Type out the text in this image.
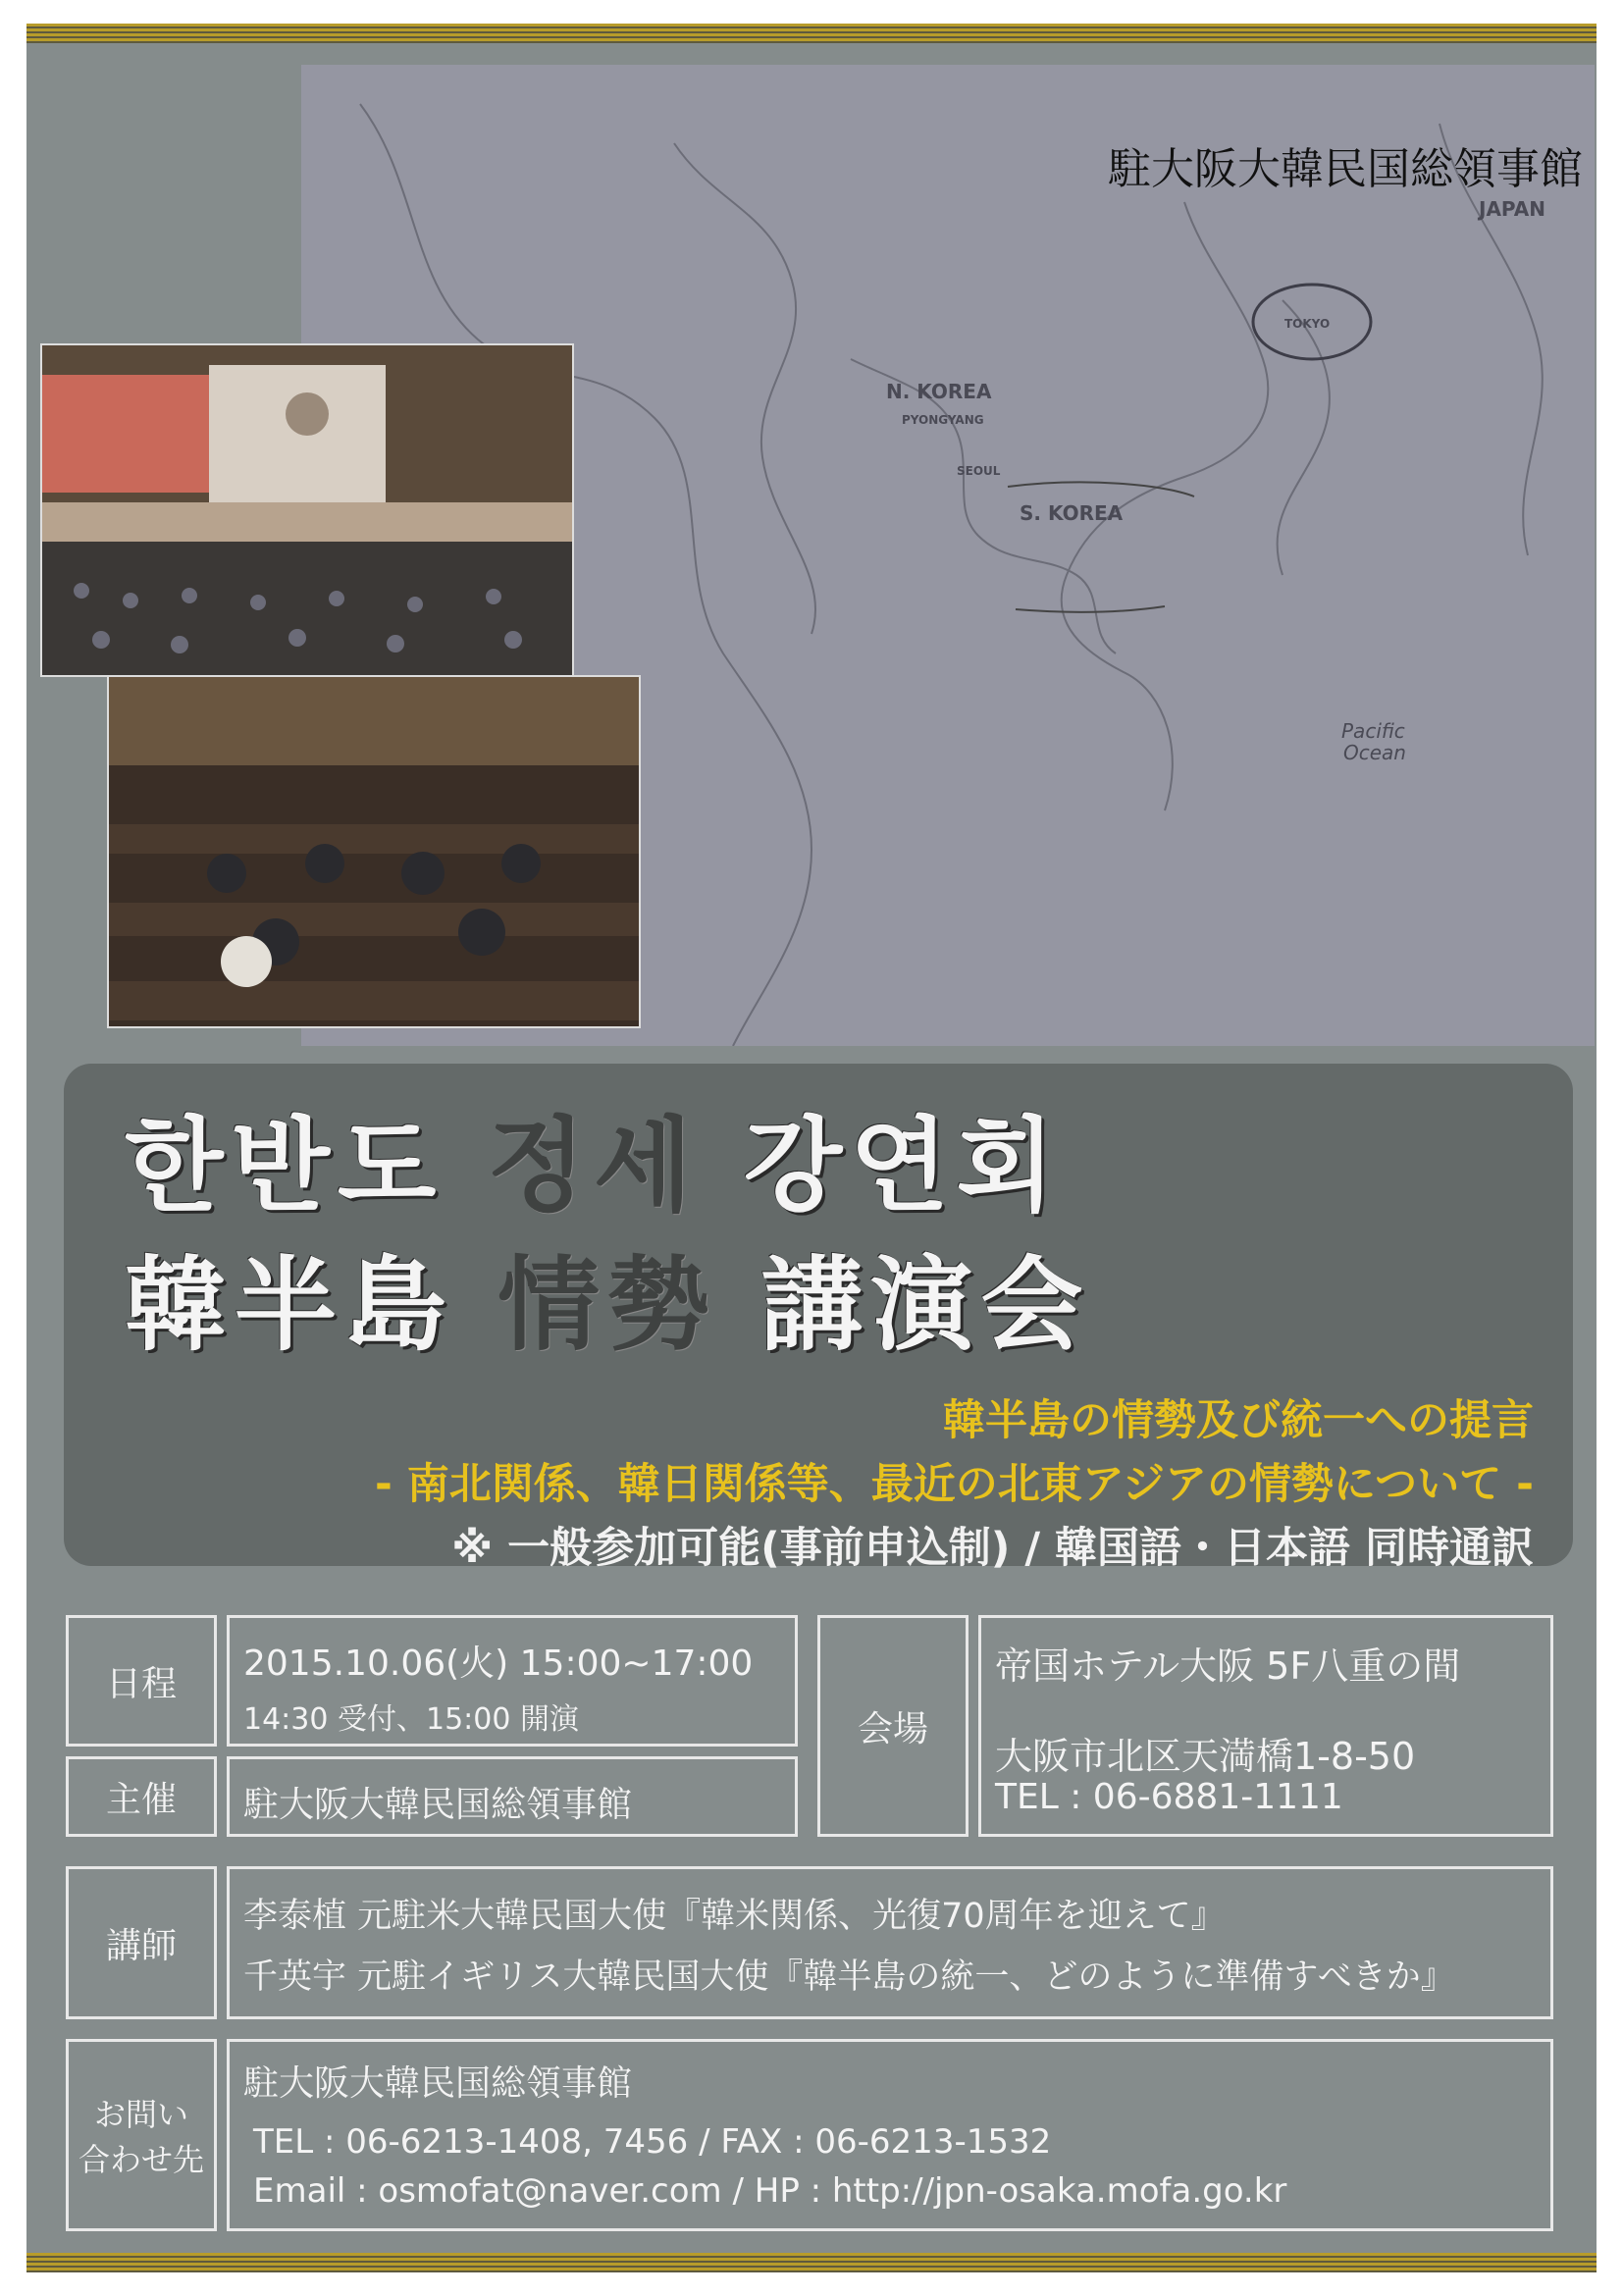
JAPAN
TOKYO
N. KOREA
PYONGYANG
SEOUL
S. KOREA
Pacific
Ocean
駐大阪大韓民国総領事館
한반도 정세 강연회
韓半島 情勢 講演会
韓半島の情勢及び統一への提言
- 南北関係、韓日関係等、最近の北東アジアの情勢について -
※ 一般参加可能(事前申込制) / 韓国語・日本語 同時通訳
日程 2015.10.06(火) 15:00~17:00
14:30 受付、15:00 開演
主催 駐大阪大韓民国総領事館
会場
帝国ホテル大阪 5F八重の間
大阪市北区天満橋1-8-50
TEL : 06-6881-1111
講師
李泰植 元駐米大韓民国大使『韓米関係、光復70周年を迎えて』
千英宇 元駐イギリス大韓民国大使『韓半島の統一、どのように準備すべきか』
お問い
合わせ先
駐大阪大韓民国総領事館
TEL : 06-6213-1408, 7456 / FAX : 06-6213-1532
Email : osmofat@naver.com / HP : http://jpn-osaka.mofa.go.kr
